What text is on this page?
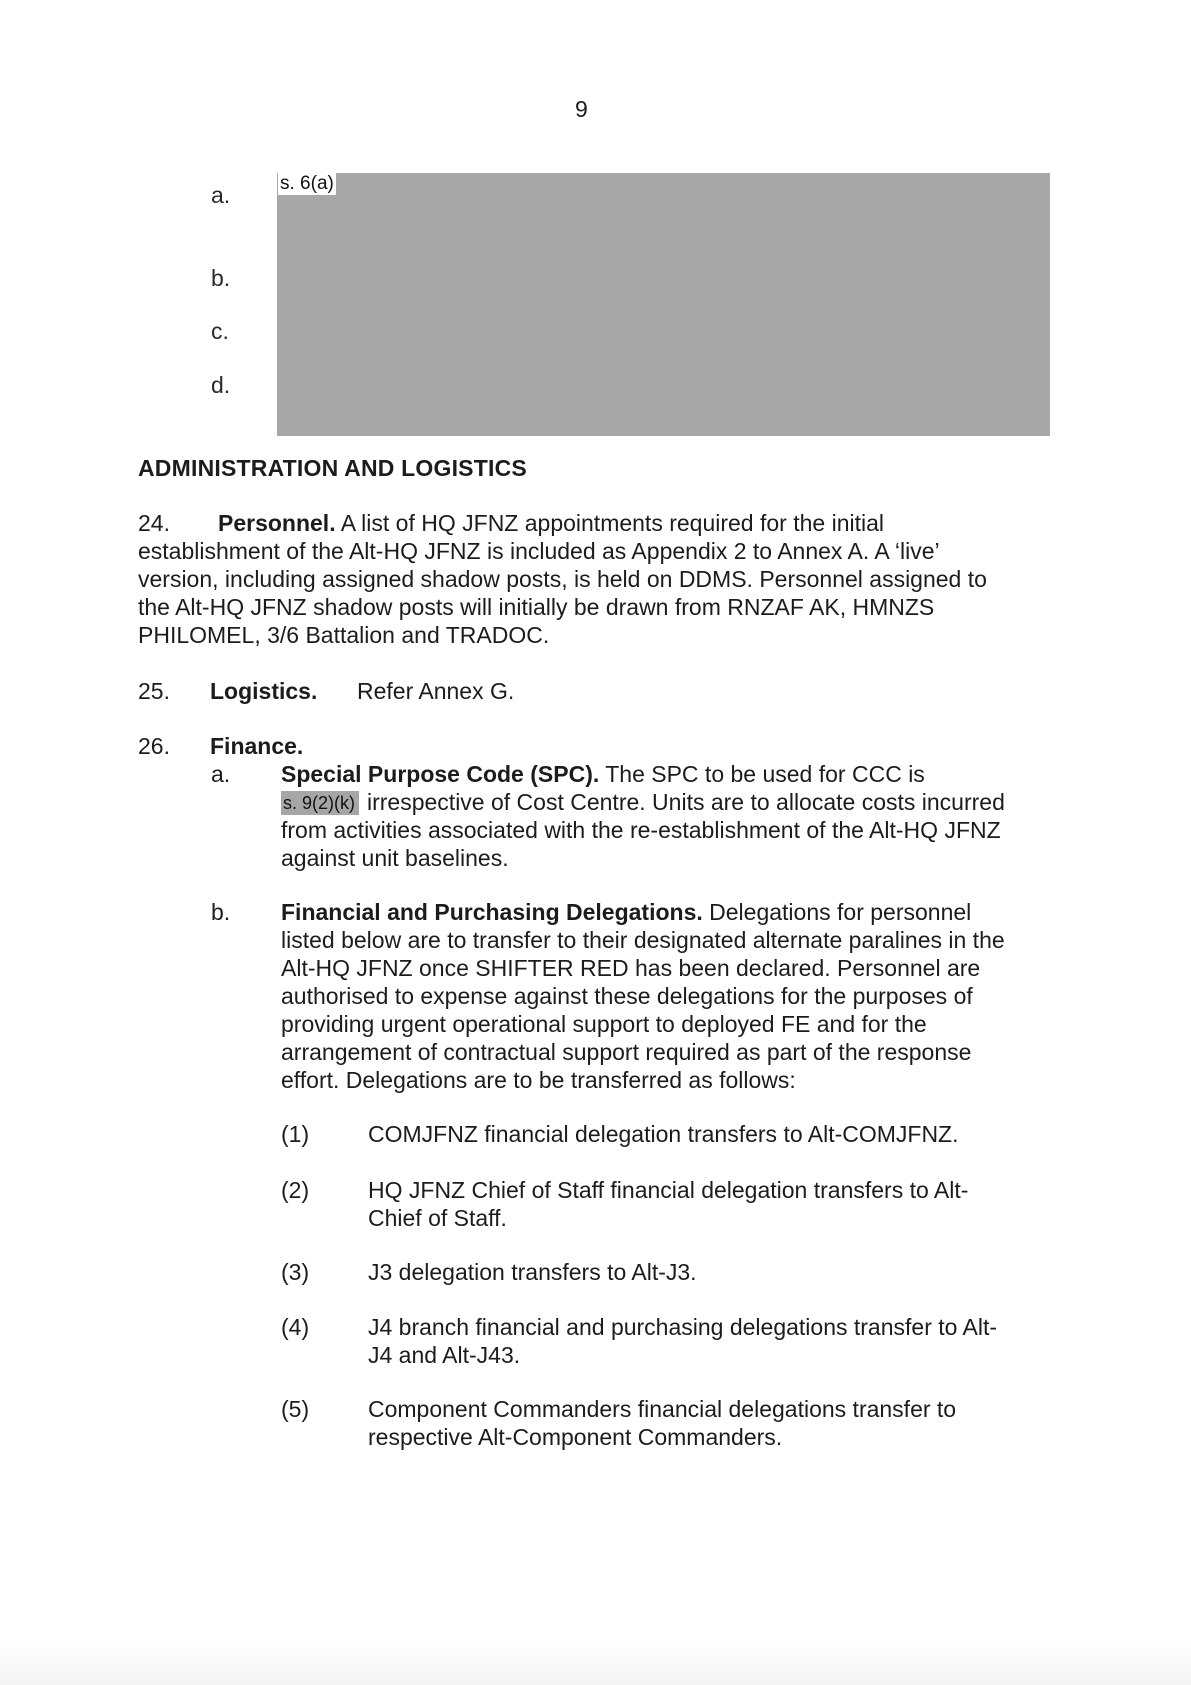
9
a.
b.
c.
d.
s. 6(a)
ADMINISTRATION AND LOGISTICS
24. Personnel. A list of HQ JFNZ appointments required for the initial
establishment of the Alt-HQ JFNZ is included as Appendix 2 to Annex A. A ‘live’
version, including assigned shadow posts, is held on DDMS. Personnel assigned to
the Alt-HQ JFNZ shadow posts will initially be drawn from RNZAF AK, HMNZS
PHILOMEL, 3/6 Battalion and TRADOC.
25. Logistics. Refer Annex G.
26. Finance.
a. Special Purpose Code (SPC). The SPC to be used for CCC is
s. 9(2)(k) irrespective of Cost Centre. Units are to allocate costs incurred
from activities associated with the re-establishment of the Alt-HQ JFNZ
against unit baselines.
b. Financial and Purchasing Delegations. Delegations for personnel
listed below are to transfer to their designated alternate paralines in the
Alt-HQ JFNZ once SHIFTER RED has been declared. Personnel are
authorised to expense against these delegations for the purposes of
providing urgent operational support to deployed FE and for the
arrangement of contractual support required as part of the response
effort. Delegations are to be transferred as follows:
(1)	COMJFNZ financial delegation transfers to Alt-COMJFNZ.
(2)	HQ JFNZ Chief of Staff financial delegation transfers to Alt-
Chief of Staff.
(3)	J3 delegation transfers to Alt-J3.
(4)	J4 branch financial and purchasing delegations transfer to Alt-
J4 and Alt-J43.
(5)	Component Commanders financial delegations transfer to
respective Alt-Component Commanders.
